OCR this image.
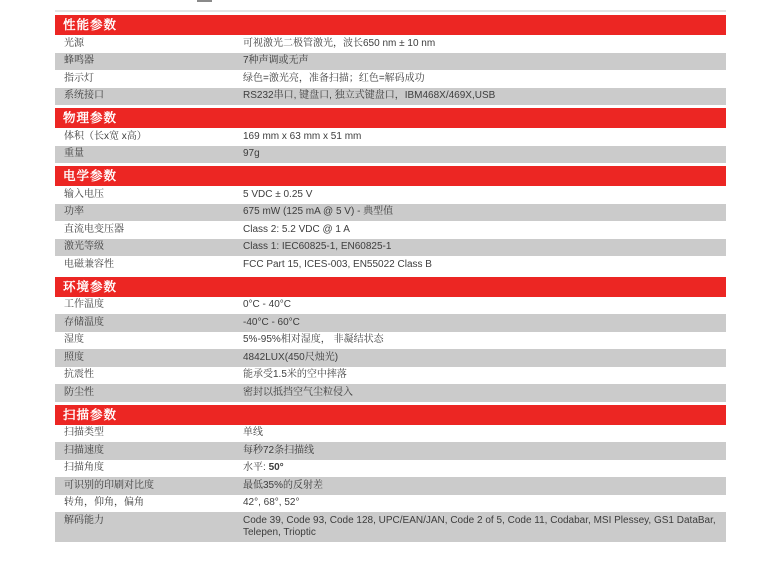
性能参数
光源	可视激光二极管激光，波长650 nm ± 10 nm
蜂鸣器	7种声调或无声
指示灯	绿色=激光亮，准备扫描；红色=解码成功
系统接口	RS232串口, 键盘口, 独立式键盘口，IBM468X/469X,USB
物理参数
体积（长x宽 x高）	169 mm x 63 mm x 51 mm
重量	97g
电学参数
输入电压	5 VDC ± 0.25 V
功率	675 mW (125 mA @ 5 V) - 典型值
直流电变压器	Class 2: 5.2 VDC @ 1 A
激光等级	Class 1: IEC60825-1, EN60825-1
电磁兼容性	FCC Part 15, ICES-003, EN55022 Class B
环境参数
工作温度	0°C - 40°C
存储温度	-40°C - 60°C
湿度	5%-95%相对湿度， 非凝结状态
照度	4842LUX(450尺烛光)
抗震性	能承受1.5米的空中摔落
防尘性	密封以抵挡空气尘粒侵入
扫描参数
扫描类型	单线
扫描速度	每秒72条扫描线
扫描角度	水平: 50°
可识别的印刷对比度	最低35%的反射差
转角，仰角，偏角	42°, 68°, 52°
解码能力	Code 39, Code 93, Code 128, UPC/EAN/JAN, Code 2 of 5, Code 11, Codabar, MSI Plessey, GS1 DataBar, Telepen, Trioptic
